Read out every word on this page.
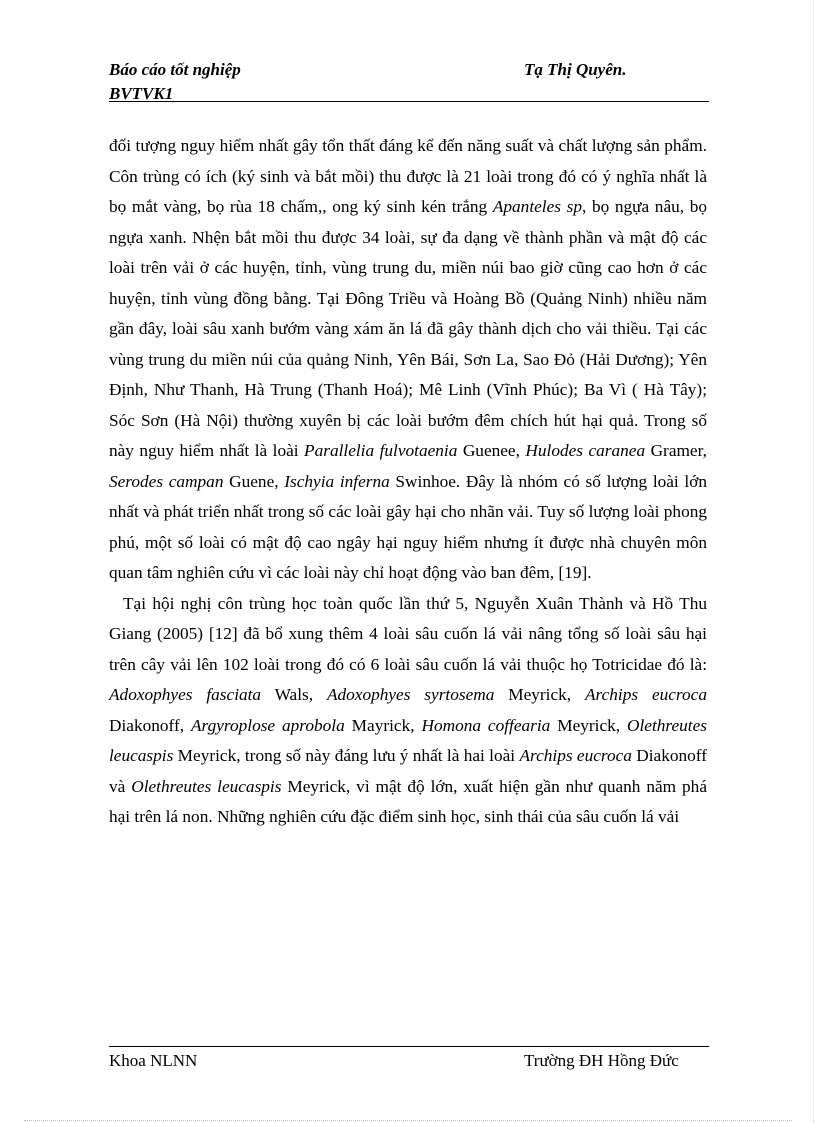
Báo cáo tốt nghiệp
BVTVK1
Tạ Thị Quyên.

đối tượng nguy hiểm nhất gây tổn thất đáng kể đến năng suất và chất lượng sản phẩm. Côn trùng có ích (ký sinh và bắt mồi) thu được là 21 loài trong đó có ý nghĩa nhất là bọ mắt vàng, bọ rùa 18 chấm,, ong ký sinh kén trắng Apanteles sp, bọ ngựa nâu, bọ ngựa xanh. Nhện bắt mồi thu được 34 loài, sự đa dạng về thành phần và mật độ các loài trên vải ở các huyện, tỉnh, vùng trung du, miền núi bao giờ cũng cao hơn ở các huyện, tỉnh vùng đồng bằng. Tại Đông Triều và Hoàng Bồ (Quảng Ninh) nhiều năm gần đây, loài sâu xanh bướm vàng xám ăn lá đã gây thành dịch cho vải thiều. Tại các vùng trung du miền núi của quảng Ninh, Yên Bái, Sơn La, Sao Đỏ (Hải Dương); Yên Định, Như Thanh, Hà Trung (Thanh Hoá); Mê Linh (Vĩnh Phúc); Ba Vì ( Hà Tây); Sóc Sơn (Hà Nội) thường xuyên bị các loài bướm đêm chích hút hại quả. Trong số này nguy hiểm nhất là loài Parallelia fulvotaenia Guenee, Hulodes caranea Gramer, Serodes campan Guene, Ischyia inferna Swinhoe. Đây là nhóm có số lượng loài lớn nhất và phát triển nhất trong số các loài gây hại cho nhãn vải. Tuy số lượng loài phong phú, một số loài có mật độ cao ngây hại nguy hiểm nhưng ít được nhà chuyên môn quan tâm nghiên cứu vì các loài này chỉ hoạt động vào ban đêm, [19].

Tại hội nghị côn trùng học toàn quốc lần thứ 5, Nguyễn Xuân Thành và Hồ Thu Giang (2005) [12] đã bổ xung thêm 4 loài sâu cuốn lá vải nâng tổng số loài sâu hại trên cây vải lên 102 loài trong đó có 6 loài sâu cuốn lá vải thuộc họ Totricidae đó là: Adoxophyes fasciata Wals, Adoxophyes syrtosema Meyrick, Archips eucroca Diakonoff, Argyroplose aprobola Mayrick, Homona coffearia Meyrick, Olethreutes leucaspis Meyrick, trong số này đáng lưu ý nhất là hai loài Archips eucroca Diakonoff và Olethreutes leucaspis Meyrick, vì mật độ lớn, xuất hiện gần như quanh năm phá hại trên lá non. Những nghiên cứu đặc điểm sinh học, sinh thái của sâu cuốn lá vải

Khoa NLNN	Trường ĐH Hồng Đức
